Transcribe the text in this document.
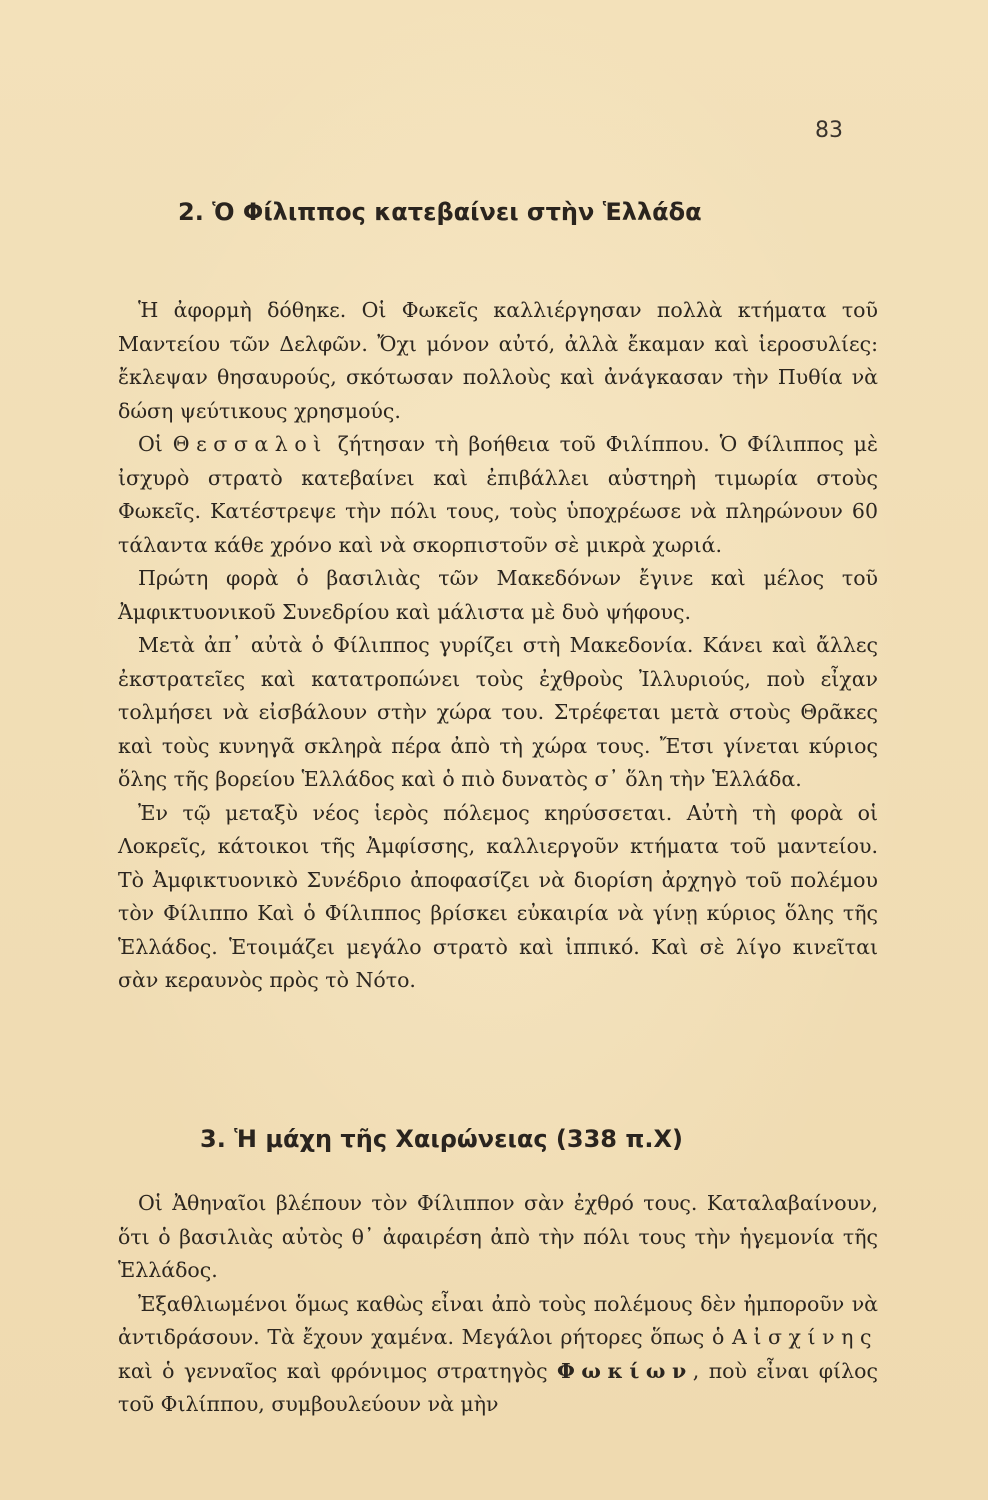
83
2. Ὁ Φίλιππος κατεβαίνει στὴν Ἑλλάδα

Ἡ ἀφορμὴ δόθηκε. Οἱ Φωκεῖς καλλιέργησαν πολλὰ κτήματα τοῦ Μαντείου τῶν Δελφῶν. Ὄχι μόνον αὐτό, ἀλλὰ ἔκαμαν καὶ ἱεροσυλίες: ἔκλεψαν θησαυρούς, σκότωσαν πολλοὺς καὶ ἀνάγκασαν τὴν Πυθία νὰ δώση ψεύτικους χρησμούς.

Οἱ Θεσσαλοὶ ζήτησαν τὴ βοήθεια τοῦ Φιλίππου. Ὁ Φίλιππος μὲ ἰσχυρὸ στρατὸ κατεβαίνει καὶ ἐπιβάλλει αὐστηρὴ τιμωρία στοὺς Φωκεῖς. Κατέστρεψε τὴν πόλι τους, τοὺς ὑποχρέωσε νὰ πληρώνουν 60 τάλαντα κάθε χρόνο καὶ νὰ σκορπιστοῦν σὲ μικρὰ χωριά.

Πρώτη φορὰ ὁ βασιλιὰς τῶν Μακεδόνων ἔγινε καὶ μέλος τοῦ Ἀμφικτυονικοῦ Συνεδρίου καὶ μάλιστα μὲ δυὸ ψήφους.

Μετὰ ἀπ᾿ αὐτὰ ὁ Φίλιππος γυρίζει στὴ Μακεδονία. Κάνει καὶ ἄλλες ἐκστρατεῖες καὶ κατατροπώνει τοὺς ἐχθροὺς Ἰλλυριούς, ποὺ εἶχαν τολμήσει νὰ εἰσβάλουν στὴν χώρα του. Στρέφεται μετὰ στοὺς Θρᾶκες καὶ τοὺς κυνηγᾶ σκληρὰ πέρα ἀπὸ τὴ χώρα τους. Ἔτσι γίνεται κύριος ὅλης τῆς βορείου Ἑλλάδος καὶ ὁ πιὸ δυνατὸς σ᾿ ὅλη τὴν Ἑλλάδα.

Ἐν τῷ μεταξὺ νέος ἱερὸς πόλεμος κηρύσσεται. Αὐτὴ τὴ φορὰ οἱ Λοκρεῖς, κάτοικοι τῆς Ἀμφίσσης, καλλιεργοῦν κτήματα τοῦ μαντείου. Τὸ Ἀμφικτυονικὸ Συνέδριο ἀποφασίζει νὰ διορίση ἀρχηγὸ τοῦ πολέμου τὸν Φίλιππο Καὶ ὁ Φίλιππος βρίσκει εὐκαιρία νὰ γίνῃ κύριος ὅλης τῆς Ἑλλάδος. Ἑτοιμάζει μεγάλο στρατὸ καὶ ἱππικό. Καὶ σὲ λίγο κινεῖται σὰν κεραυνὸς πρὸς τὸ Νότο.

3. Ἡ μάχη τῆς Χαιρώνειας (338 π.Χ)

Οἱ Ἀθηναῖοι βλέπουν τὸν Φίλιππον σὰν ἐχθρό τους. Καταλαβαίνουν, ὅτι ὁ βασιλιὰς αὐτὸς θ᾿ ἀφαιρέση ἀπὸ τὴν πόλι τους τὴν ἡγεμονία τῆς Ἑλλάδος.

Ἐξαθλιωμένοι ὅμως καθὼς εἶναι ἀπὸ τοὺς πολέμους δὲν ἠμποροῦν νὰ ἀντιδράσουν. Τὰ ἔχουν χαμένα. Μεγάλοι ρήτορες ὅπως ὁ Αἰσχίνης καὶ ὁ γενναῖος καὶ φρόνιμος στρατηγὸς Φωκίων, ποὺ εἶναι φίλος τοῦ Φιλίππου, συμβουλεύουν νὰ μὴν
